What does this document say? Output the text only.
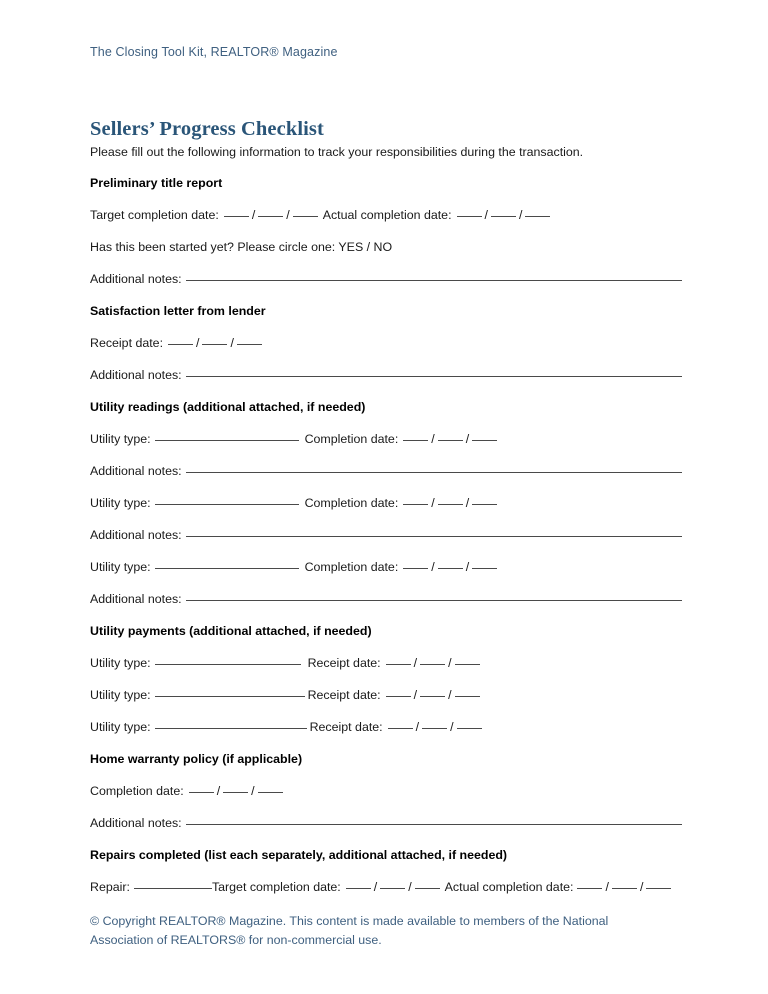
The Closing Tool Kit, REALTOR® Magazine
Sellers’ Progress Checklist
Please fill out the following information to track your responsibilities during the transaction.
Preliminary title report
Target completion date:	/	/	Actual completion date:	/	/
Has this been started yet? Please circle one: YES / NO
Additional notes:
Satisfaction letter from lender
Receipt date:	/	/
Additional notes:
Utility readings (additional attached, if needed)
Utility type:	Completion date:	/	/
Additional notes:
Utility type:	Completion date:	/	/
Additional notes:
Utility type:	Completion date:	/	/
Additional notes:
Utility payments (additional attached, if needed)
Utility type:	Receipt date:	/	/
Utility type:	Receipt date:	/	/
Utility type:	Receipt date:	/	/
Home warranty policy (if applicable)
Completion date:	/	/
Additional notes:
Repairs completed (list each separately, additional attached, if needed)
Repair:	Target completion date:	/	/	Actual completion date:	/	/
© Copyright REALTOR® Magazine. This content is made available to members of the National
Association of REALTORS® for non-commercial use.
